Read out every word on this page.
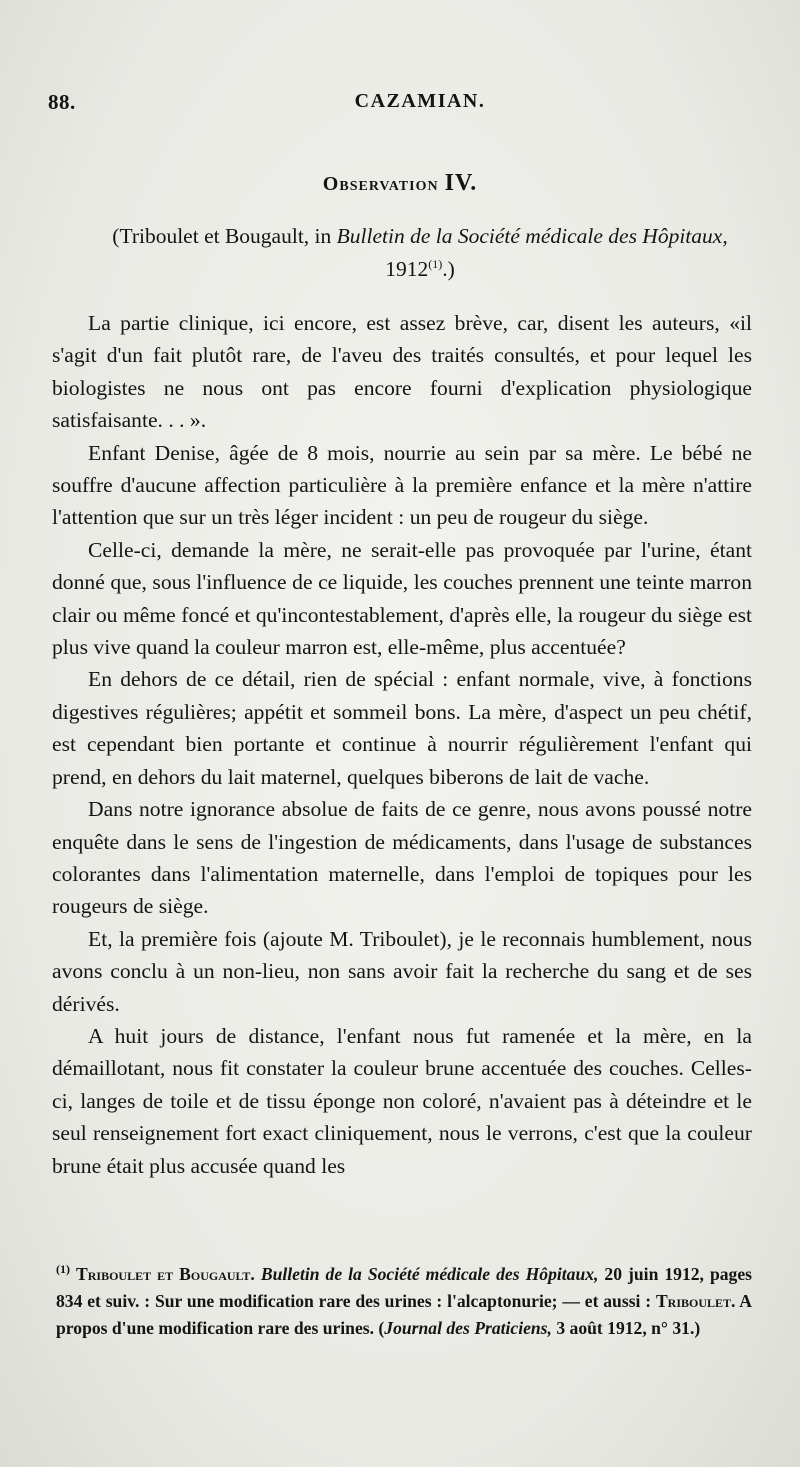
88.	CAZAMIAN.
Observation IV.
(Triboulet et Bougault, in Bulletin de la Société médicale des Hôpitaux, 1912$^{(1)}$.)

La partie clinique, ici encore, est assez brève, car, disent les auteurs, «il s'agit d'un fait plutôt rare, de l'aveu des traités consultés, et pour lequel les biologistes ne nous ont pas encore fourni d'explication physiologique satisfaisante. . . ».

Enfant Denise, âgée de 8 mois, nourrie au sein par sa mère. Le bébé ne souffre d'aucune affection particulière à la première enfance et la mère n'attire l'attention que sur un très léger incident : un peu de rougeur du siège.

Celle-ci, demande la mère, ne serait-elle pas provoquée par l'urine, étant donné que, sous l'influence de ce liquide, les couches prennent une teinte marron clair ou même foncé et qu'incontestablement, d'après elle, la rougeur du siège est plus vive quand la couleur marron est, elle-même, plus accentuée?

En dehors de ce détail, rien de spécial : enfant normale, vive, à fonctions digestives régulières; appétit et sommeil bons. La mère, d'aspect un peu chétif, est cependant bien portante et continue à nourrir régulièrement l'enfant qui prend, en dehors du lait maternel, quelques biberons de lait de vache.

Dans notre ignorance absolue de faits de ce genre, nous avons poussé notre enquête dans le sens de l'ingestion de médicaments, dans l'usage de substances colorantes dans l'alimentation maternelle, dans l'emploi de topiques pour les rougeurs de siège.

Et, la première fois (ajoute M. Triboulet), je le reconnais humblement, nous avons conclu à un non-lieu, non sans avoir fait la recherche du sang et de ses dérivés.

A huit jours de distance, l'enfant nous fut ramenée et la mère, en la démaillotant, nous fit constater la couleur brune accentuée des couches. Celles-ci, langes de toile et de tissu éponge non coloré, n'avaient pas à déteindre et le seul renseignement fort exact cliniquement, nous le verrons, c'est que la couleur brune était plus accusée quand les

$^{(1)}$ Triboulet et Bougault. Bulletin de la Société médicale des Hôpitaux, 20 juin 1912, pages 834 et suiv. : Sur une modification rare des urines : l'alcaptonurie; — et aussi : Triboulet. A propos d'une modification rare des urines. (Journal des Praticiens, 3 août 1912, n° 31.)
